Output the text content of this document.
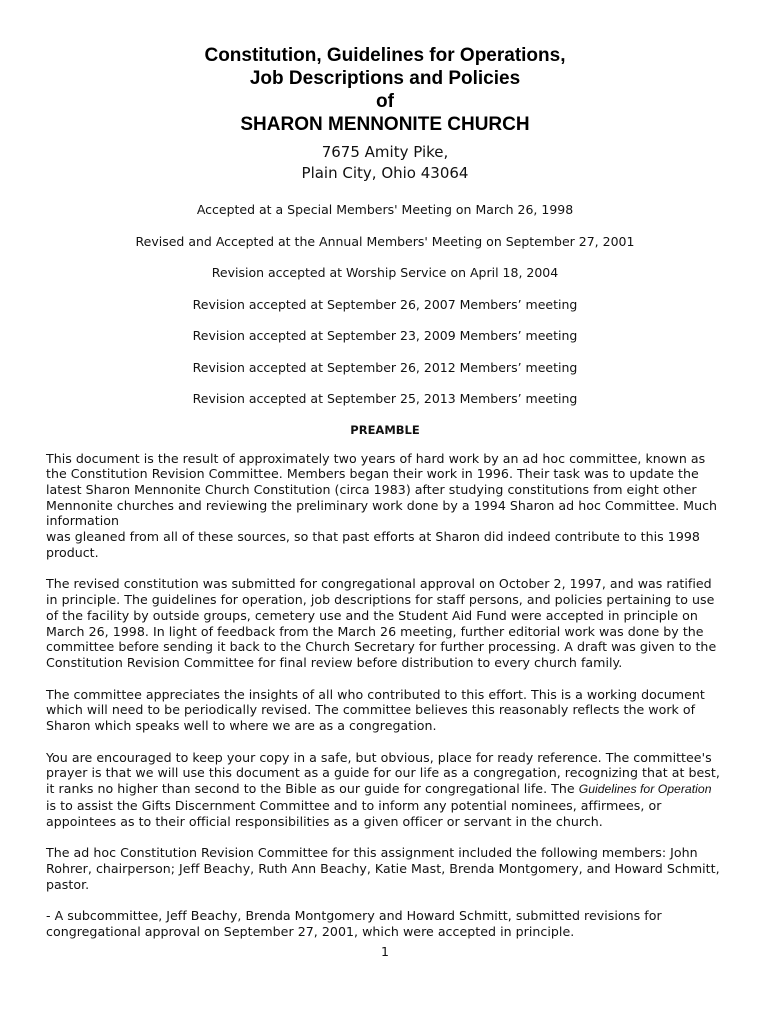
Constitution, Guidelines for Operations,
Job Descriptions and Policies
of
SHARON MENNONITE CHURCH
7675 Amity Pike,
Plain City, Ohio 43064
Accepted at a Special Members' Meeting on March 26, 1998
Revised and Accepted at the Annual Members' Meeting on September 27, 2001
Revision accepted at Worship Service on April 18, 2004
Revision accepted at September 26, 2007 Members’ meeting
Revision accepted at September 23, 2009 Members’ meeting
Revision accepted at September 26, 2012 Members’ meeting
Revision accepted at September 25, 2013 Members’ meeting
PREAMBLE

This document is the result of approximately two years of hard work by an ad hoc committee, known as the Constitution Revision Committee. Members began their work in 1996. Their task was to update the latest Sharon Mennonite Church Constitution (circa 1983) after studying constitutions from eight other Mennonite churches and reviewing the preliminary work done by a 1994 Sharon ad hoc Committee. Much information
was gleaned from all of these sources, so that past efforts at Sharon did indeed contribute to this 1998 product.

The revised constitution was submitted for congregational approval on October 2, 1997, and was ratified in principle. The guidelines for operation, job descriptions for staff persons, and policies pertaining to use of the facility by outside groups, cemetery use and the Student Aid Fund were accepted in principle on March 26, 1998. In light of feedback from the March 26 meeting, further editorial work was done by the committee before sending it back to the Church Secretary for further processing. A draft was given to the Constitution Revision Committee for final review before distribution to every church family.

The committee appreciates the insights of all who contributed to this effort. This is a working document which will need to be periodically revised. The committee believes this reasonably reflects the work of Sharon which speaks well to where we are as a congregation.

You are encouraged to keep your copy in a safe, but obvious, place for ready reference. The committee's prayer is that we will use this document as a guide for our life as a congregation, recognizing that at best, it ranks no higher than second to the Bible as our guide for congregational life. The Guidelines for Operation is to assist the Gifts Discernment Committee and to inform any potential nominees, affirmees, or appointees as to their official responsibilities as a given officer or servant in the church.

The ad hoc Constitution Revision Committee for this assignment included the following members: John Rohrer, chairperson; Jeff Beachy, Ruth Ann Beachy, Katie Mast, Brenda Montgomery, and Howard Schmitt, pastor.

- A subcommittee, Jeff Beachy, Brenda Montgomery and Howard Schmitt, submitted revisions for congregational approval on September 27, 2001, which were accepted in principle.

1
